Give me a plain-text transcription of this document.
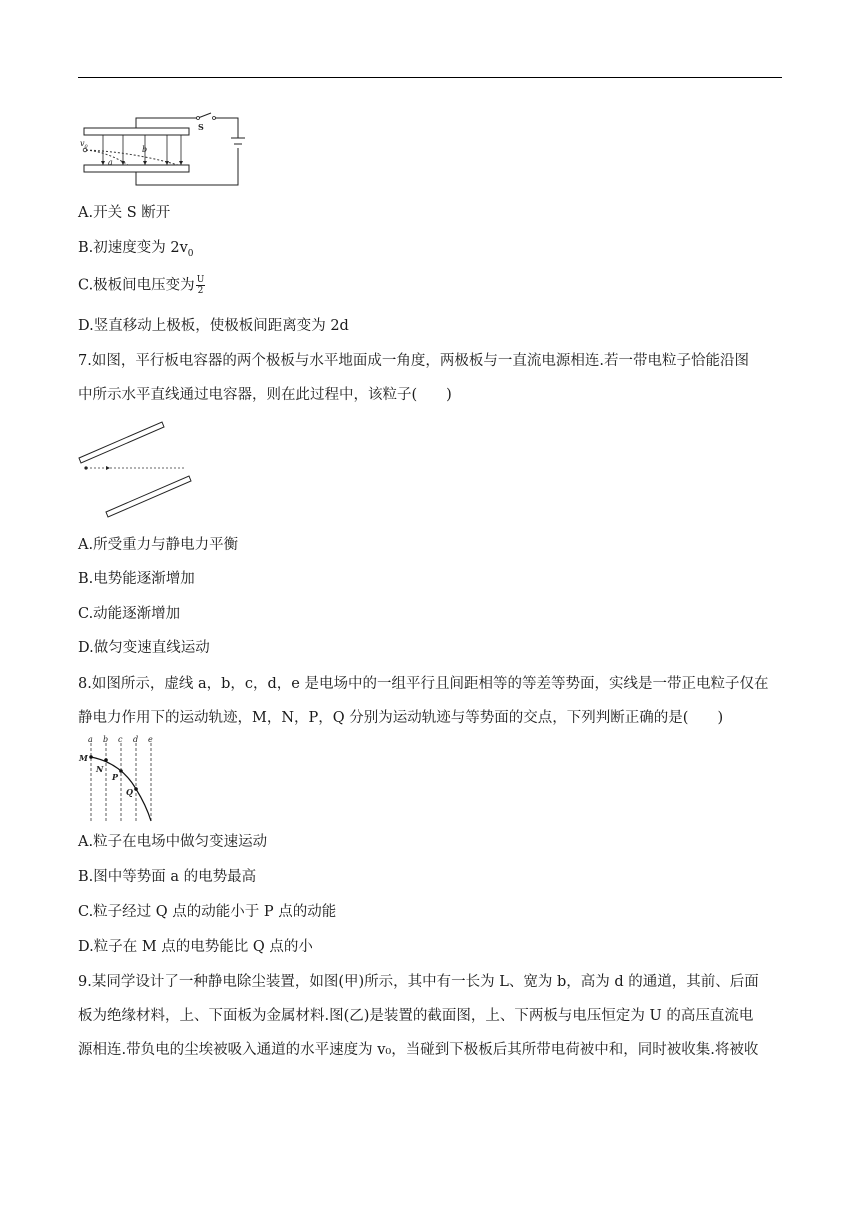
S
$v_0$
a
b
A.开关 S 断开
B.初速度变为 $2v_0$
C.极板间电压变为 $\frac{U}{2}$
D.竖直移动上极板，使极板间距离变为 2d
7.如图，平行板电容器的两个极板与水平地面成一角度，两极板与一直流电源相连.若一带电粒子恰能沿图
中所示水平直线通过电容器，则在此过程中，该粒子(　　)
A.所受重力与静电力平衡
B.电势能逐渐增加
C.动能逐渐增加
D.做匀变速直线运动
8.如图所示，虚线 a，b，c，d，e 是电场中的一组平行且间距相等的等差等势面，实线是一带正电粒子仅在
静电力作用下的运动轨迹，M，N，P，Q 分别为运动轨迹与等势面的交点，下列判断正确的是(　　)
a b c d e
M
N
P
Q
A.粒子在电场中做匀变速运动
B.图中等势面 a 的电势最高
C.粒子经过 Q 点的动能小于 P 点的动能
D.粒子在 M 点的电势能比 Q 点的小
9.某同学设计了一种静电除尘装置，如图(甲)所示，其中有一长为 L、宽为 b，高为 d 的通道，其前、后面
板为绝缘材料，上、下面板为金属材料.图(乙)是装置的截面图，上、下两板与电压恒定为 U 的高压直流电
源相连.带负电的尘埃被吸入通道的水平速度为 v₀，当碰到下极板后其所带电荷被中和，同时被收集.将被收
